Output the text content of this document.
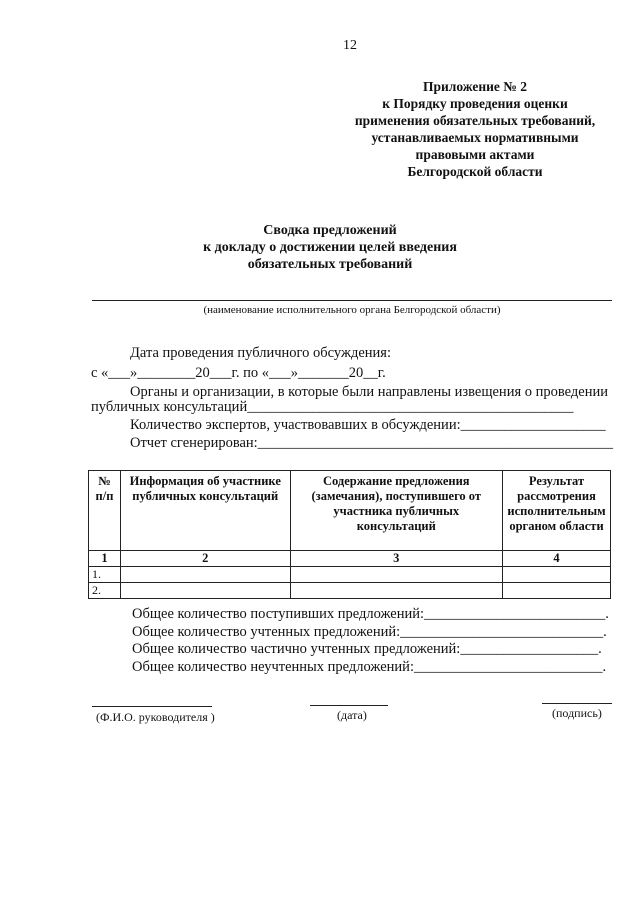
12
Приложение № 2
к Порядку проведения оценки
применения обязательных требований,
устанавливаемых нормативными
правовыми актами
Белгородской области
Сводка предложений
к докладу о достижении целей введения
обязательных требований
(наименование исполнительного органа Белгородской области)
Дата проведения публичного обсуждения:
с «___»________20___г. по «___»_______20__г.
Органы и организации, в которые были направлены извещения о проведении
публичных консультаций_____________________________________________
Количество экспертов, участвовавших в обсуждении:____________________
Отчет сгенерирован:_________________________________________________
№ п/п	Информация об участнике публичных консультаций	Содержание предложения (замечания), поступившего от участника публичных консультаций	Результат рассмотрения исполнительным органом области
1	2	3	4
1.			
2.			
Общее количество поступивших предложений:_________________________.
Общее количество учтенных предложений:____________________________.
Общее количество частично учтенных предложений:___________________.
Общее количество неучтенных предложений:__________________________.
(Ф.И.О. руководителя )	(дата)	(подпись)
